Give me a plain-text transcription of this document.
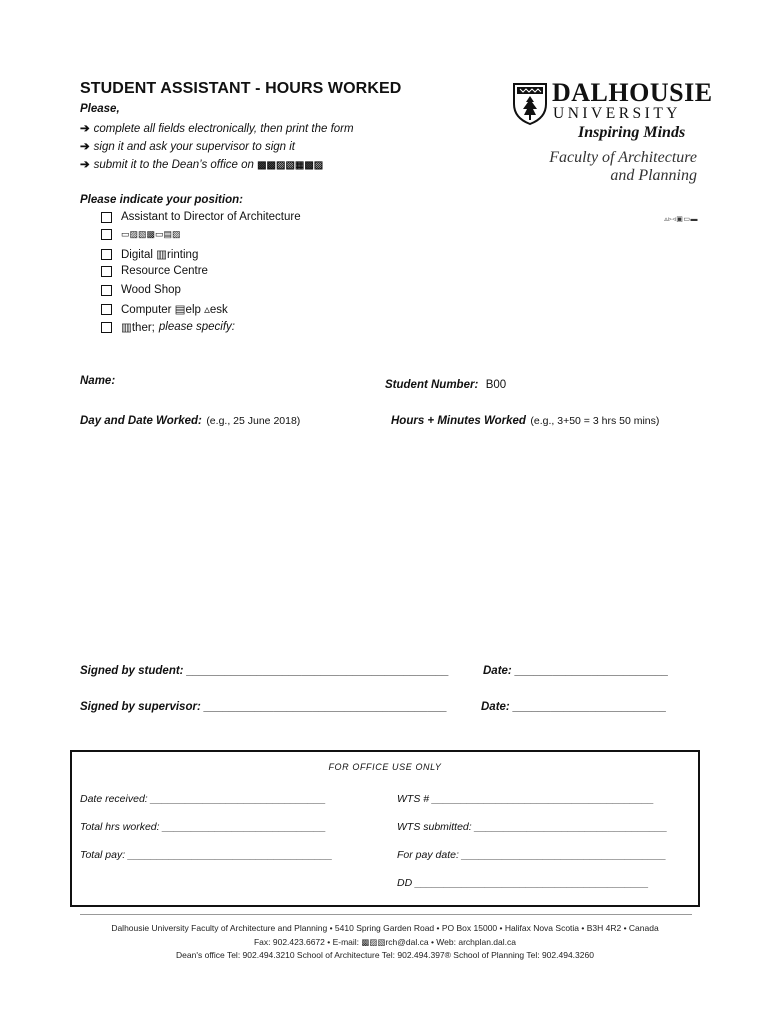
STUDENT ASSISTANT - HOURS WORKED
Please,
➔ complete all fields electronically, then print the form
➔ sign it and ask your supervisor to sign it
➔ submit it to the Dean’s office on ▩▩▨▧▦▩▨
DALHOUSIE
UNIVERSITY
Inspiring Minds
Faculty of Architecture
and Planning
▵▹◃▣▭▬
Please indicate your position:
Assistant to Director of Architecture
▭▨▧▩▭▤▨
Digital ▥rinting
Resource Centre
Wood Shop
Computer ▤elp ▵esk
▥ther; please specify:
Name:	Student Number: B00
Day and Date Worked: (e.g., 25 June 2018)	Hours + Minutes Worked (e.g., 3+50 = 3 hrs 50 mins)
Signed by student: _________________________________________	Date: ________________________
Signed by supervisor: ______________________________________	Date: ________________________
FOR OFFICE USE ONLY
Date received: ______________________________
Total hrs worked: ____________________________
Total pay: ___________________________________
WTS # ______________________________________
WTS submitted: _________________________________
For pay date: ___________________________________
DD ________________________________________
Dalhousie University Faculty of Architecture and Planning • 5410 Spring Garden Road • PO Box 15000 • Halifax Nova Scotia • B3H 4R2 • Canada
Fax: 902.423.6672 • E-mail: ▩▨▧rch@dal.ca • Web: archplan.dal.ca
Dean's office Tel: 902.494.3210 School of Architecture Tel: 902.494.397® School of Planning Tel: 902.494.3260
